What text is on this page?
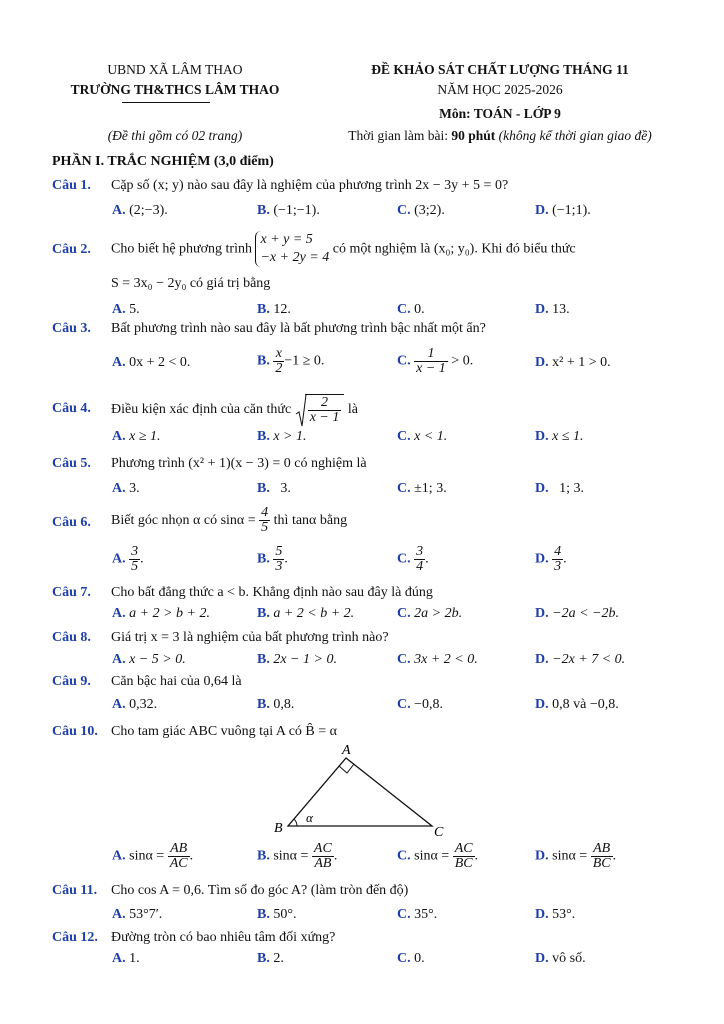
UBND XÃ LÂM THAO
TRƯỜNG TH&THCS LÂM THAO
(Đề thi gồm có 02 trang)
ĐỀ KHẢO SÁT CHẤT LƯỢNG THÁNG 11
NĂM HỌC 2025-2026
Môn: TOÁN - LỚP 9
Thời gian làm bài: 90 phút (không kể thời gian giao đề)
PHẦN I. TRẮC NGHIỆM (3,0 điểm)
Câu 1. Cặp số (x; y) nào sau đây là nghiệm của phương trình 2x − 3y + 5 = 0?
A. (2;−3).	B. (−1;−1).	C. (3;2).	D. (−1;1).
Câu 2. Cho biết hệ phương trình x + y = 5
−x + 2y = 4 có một nghiệm là (x₀; y₀). Khi đó biểu thức
S = 3x₀ − 2y₀ có giá trị bằng
A. 5.	B. 12.	C. 0.	D. 13.
Câu 3. Bất phương trình nào sau đây là bất phương trình bậc nhất một ẩn?
A. 0x + 2 < 0.	B. $\frac{x}{2} -1 \ge 0$.	C. $\frac{1}{x - 1} > 0$.	D. x² + 1 > 0.
Câu 4. Điều kiện xác định của căn thức $\frac{2}{x - 1}$ là
A. x ≥ 1.	B. x > 1.	C. x < 1.	D. x ≤ 1.
Câu 5. Phương trình (x² + 1)(x − 3) = 0 có nghiệm là
A. 3.	B. 3.	C. ±1; 3.	D. 1; 3.
Câu 6. Biết góc nhọn α có $\sin\alpha = \frac{4}{5}$ thì tanα bằng
A. $\frac{3}{5}$ .	B. $\frac{5}{3}$ .	C. $\frac{3}{4}$ .	D. $\frac{4}{3}$ .
Câu 7. Cho bất đẳng thức a < b. Khẳng định nào sau đây là đúng
A. a + 2 > b + 2.	B. a + 2 < b + 2.	C. 2a > 2b.	D. −2a < −2b.
Câu 8. Giá trị x = 3 là nghiệm của bất phương trình nào?
A. x − 5 > 0.	B. 2x − 1 > 0.	C. 3x + 2 < 0.	D. −2x + 7 < 0.
Câu 9. Căn bậc hai của 0,64 là
A. 0,32.	B. 0,8.	C. −0,8.	D. 0,8 và −0,8.
Câu 10. Cho tam giác ABC vuông tại A có B̂ = α
A
B	C
α
A. $\sin\alpha = \frac{AB}{AC}$ .	B. $\sin\alpha = \frac{AC}{AB}$ .	C. $\sin\alpha = \frac{AC}{BC}$ .	D. $\sin\alpha = \frac{AB}{BC}$ .
Câu 11. Cho cos A = 0,6. Tìm số đo góc A? (làm tròn đến độ)
A. 53°7′.	B. 50°.	C. 35°.	D. 53°.
Câu 12. Đường tròn có bao nhiêu tâm đối xứng?
A. 1.	B. 2.	C. 0.	D. vô số.
